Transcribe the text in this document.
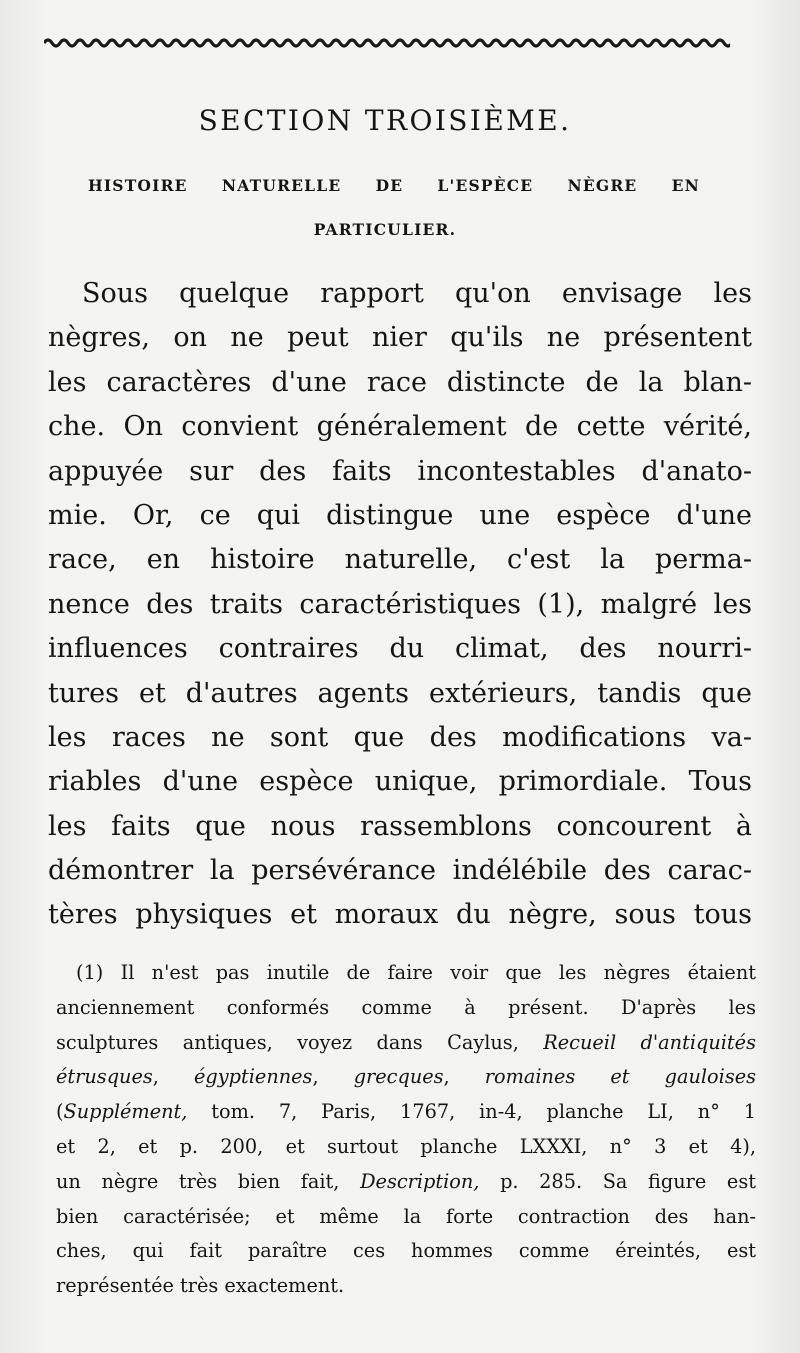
SECTION TROISIÈME.
HISTOIRE NATURELLE DE L'ESPÈCE NÈGRE EN
PARTICULIER.
Sous quelque rapport qu'on envisage les
nègres, on ne peut nier qu'ils ne présentent
les caractères d'une race distincte de la blan-
che. On convient généralement de cette vérité,
appuyée sur des faits incontestables d'anato-
mie. Or, ce qui distingue une espèce d'une
race, en histoire naturelle, c'est la perma-
nence des traits caractéristiques (1), malgré les
influences contraires du climat, des nourri-
tures et d'autres agents extérieurs, tandis que
les races ne sont que des modifications va-
riables d'une espèce unique, primordiale. Tous
les faits que nous rassemblons concourent à
démontrer la persévérance indélébile des carac-
tères physiques et moraux du nègre, sous tous
(1) Il n'est pas inutile de faire voir que les nègres étaient
anciennement conformés comme à présent. D'après les
sculptures antiques, voyez dans Caylus, Recueil d'antiquités
étrusques, égyptiennes, grecques, romaines et gauloises
(Supplément, tom. 7, Paris, 1767, in-4, planche LI, n° 1
et 2, et p. 200, et surtout planche LXXXI, n° 3 et 4),
un nègre très bien fait, Description, p. 285. Sa figure est
bien caractérisée; et même la forte contraction des han-
ches, qui fait paraître ces hommes comme éreintés, est
représentée très exactement.
